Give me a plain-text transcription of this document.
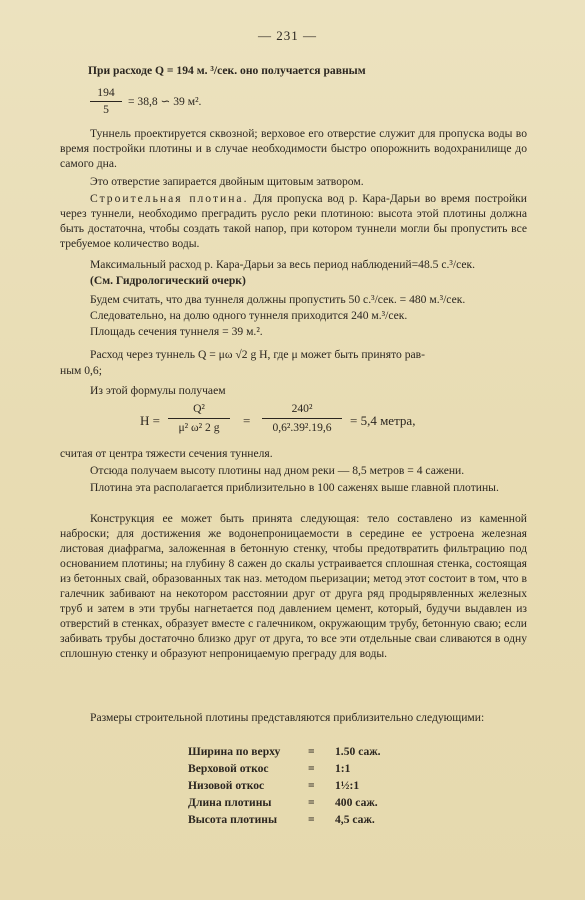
— 231 —
При расходе Q = 194 м. ³/сек. оно получается равным
194
5
= 38,8 ∽ 39 м².
Туннель проектируется сквозной; верховое его отверстие служит для пропуска воды во время постройки плотины и в случае необходимости быстро опорожнить водохранилище до самого дна.
Это отверстие запирается двойным щитовым затвором.
Строительная плотина. Для пропуска вод р. Кара-Дарьи во время постройки через туннели, необходимо преградить русло реки плотиною: высота этой плотины должна быть достаточна, чтобы создать такой напор, при котором туннели могли бы пропустить все требуемое количество воды.
Максимальный расход р. Кара-Дарьи за весь период наблюдений=48.5 с.³/сек.
(См. Гидрологический очерк)
Будем считать, что два туннеля должны пропустить 50 с.³/сек. = 480 м.³/сек.
Следовательно, на долю одного туннеля приходится 240 м.³/сек.
Площадь сечения туннеля = 39 м.².
Расход через туннель Q = μω √2 g H, где μ может быть принято рав-
ным 0,6;
Из этой формулы получаем
H =
Q²
μ² ω² 2 g	=
240²
0,6².39².19,6	= 5,4 метра,
считая от центра тяжести сечения туннеля.
Отсюда получаем высоту плотины над дном реки — 8,5 метров = 4 сажени.
Плотина эта располагается приблизительно в 100 саженях выше главной плотины.
Конструкция ее может быть принята следующая: тело составлено из каменной наброски; для достижения же водонепроницаемости в середине ее устроена железная листовая диафрагма, заложенная в бетонную стенку, чтобы предотвратить фильтрацию под основанием плотины; на глубину 8 сажен до скалы устраивается сплошная стенка, состоящая из бетонных свай, образованных так наз. методом пьеризации; метод этот состоит в том, что в галечник забивают на некотором расстоянии друг от друга ряд продырявленных железных труб и затем в эти трубы нагнетается под давлением цемент, который, будучи выдавлен из отверстий в стенках, образует вместе с галечником, окружающим трубу, бетонную сваю; если забивать трубы достаточно близко друг от друга, то все эти отдельные сваи сливаются в одну сплошную стенку и образуют непроницаемую преграду для воды.
Размеры строительной плотины представляются приблизительно следующими:
Ширина по верху = 1.50 саж.
Верховой откос	= 1:1
Низовой откос	= 1½:1
Длина плотины	= 400 саж.
Высота плотины	= 4,5 саж.
